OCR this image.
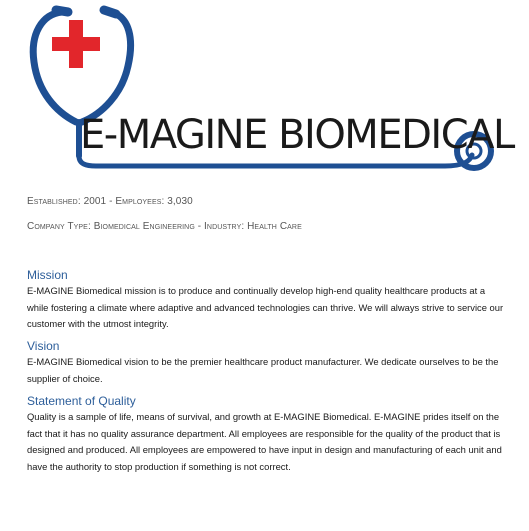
E-MAGINE BIOMEDICAL
Established: 2001 - Employees: 3,030
Company Type: Biomedical Engineering - Industry: Health Care
Mission

E-MAGINE Biomedical mission is to produce and continually develop high-end quality healthcare products at a while fostering a climate where adaptive and advanced technologies can thrive. We will always strive to service our customer with the utmost integrity.

Vision

E-MAGINE Biomedical vision to be the premier healthcare product manufacturer. We dedicate ourselves to be the supplier of choice.

Statement of Quality

Quality is a sample of life, means of survival, and growth at E-MAGINE Biomedical. E-MAGINE prides itself on the fact that it has no quality assurance department. All employees are responsible for the quality of the product that is designed and produced. All employees are empowered to have input in design and manufacturing of each unit and have the authority to stop production if something is not correct.
